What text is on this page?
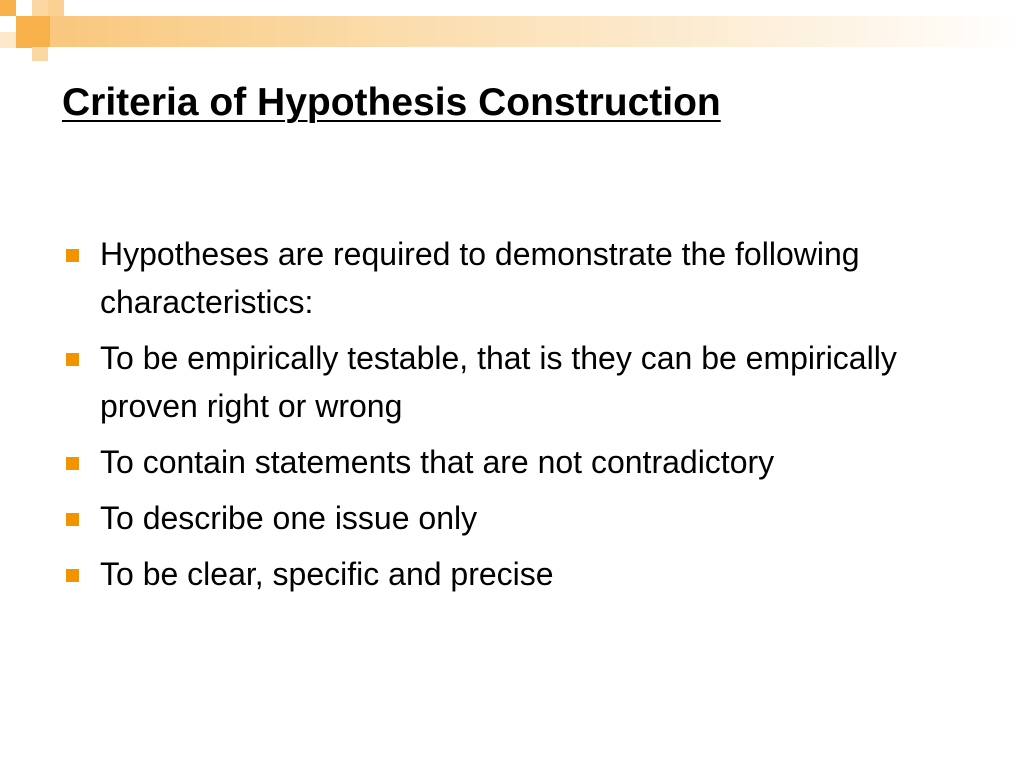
Criteria of Hypothesis Construction
Hypotheses are required to demonstrate the following characteristics:
To be empirically testable, that is they can be empirically proven right or wrong
To contain statements that are not contradictory
To describe one issue only
To be clear, specific and precise
